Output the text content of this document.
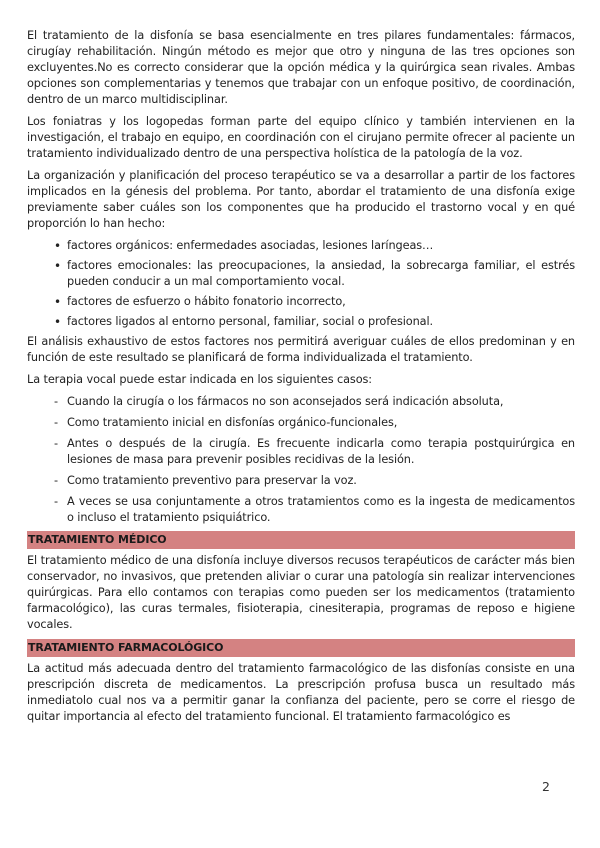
El tratamiento de la disfonía se basa esencialmente en tres pilares fundamentales: fármacos, cirugíay rehabilitación. Ningún método es mejor que otro y ninguna de las tres opciones son excluyentes.No es correcto considerar que la opción médica y la quirúrgica sean rivales. Ambas opciones son complementarias y tenemos que trabajar con un enfoque positivo, de coordinación, dentro de un marco multidisciplinar.

Los foniatras y los logopedas forman parte del equipo clínico y también intervienen en la investigación, el trabajo en equipo, en coordinación con el cirujano permite ofrecer al paciente un tratamiento individualizado dentro de una perspectiva holística de la patología de la voz.

La organización y planificación del proceso terapéutico se va a desarrollar a partir de los factores implicados en la génesis del problema. Por tanto, abordar el tratamiento de una disfonía exige previamente saber cuáles son los componentes que ha producido el trastorno vocal y en qué proporción lo han hecho:

• factores orgánicos: enfermedades asociadas, lesiones laríngeas…
• factores emocionales: las preocupaciones, la ansiedad, la sobrecarga familiar, el estrés pueden conducir a un mal comportamiento vocal.
• factores de esfuerzo o hábito fonatorio incorrecto,
• factores ligados al entorno personal, familiar, social o profesional.

El análisis exhaustivo de estos factores nos permitirá averiguar cuáles de ellos predominan y en función de este resultado se planificará de forma individualizada el tratamiento.

La terapia vocal puede estar indicada en los siguientes casos:

- Cuando la cirugía o los fármacos no son aconsejados será indicación absoluta,
- Como tratamiento inicial en disfonías orgánico-funcionales,
- Antes o después de la cirugía. Es frecuente indicarla como terapia postquirúrgica en lesiones de masa para prevenir posibles recidivas de la lesión.
- Como tratamiento preventivo para preservar la voz.
- A veces se usa conjuntamente a otros tratamientos como es la ingesta de medicamentos o incluso el tratamiento psiquiátrico.
TRATAMIENTO MÉDICO

El tratamiento médico de una disfonía incluye diversos recusos terapéuticos de carácter más bien conservador, no invasivos, que pretenden aliviar o curar una patología sin realizar intervenciones quirúrgicas. Para ello contamos con terapias como pueden ser los medicamentos (tratamiento farmacológico), las curas termales, fisioterapia, cinesiterapia, programas de reposo e higiene vocales.

TRATAMIENTO FARMACOLÓGICO

La actitud más adecuada dentro del tratamiento farmacológico de las disfonías consiste en una prescripción discreta de medicamentos. La prescripción profusa busca un resultado más inmediatolo cual nos va a permitir ganar la confianza del paciente, pero se corre el riesgo de quitar importancia al efecto del tratamiento funcional. El tratamiento farmacológico es

2
